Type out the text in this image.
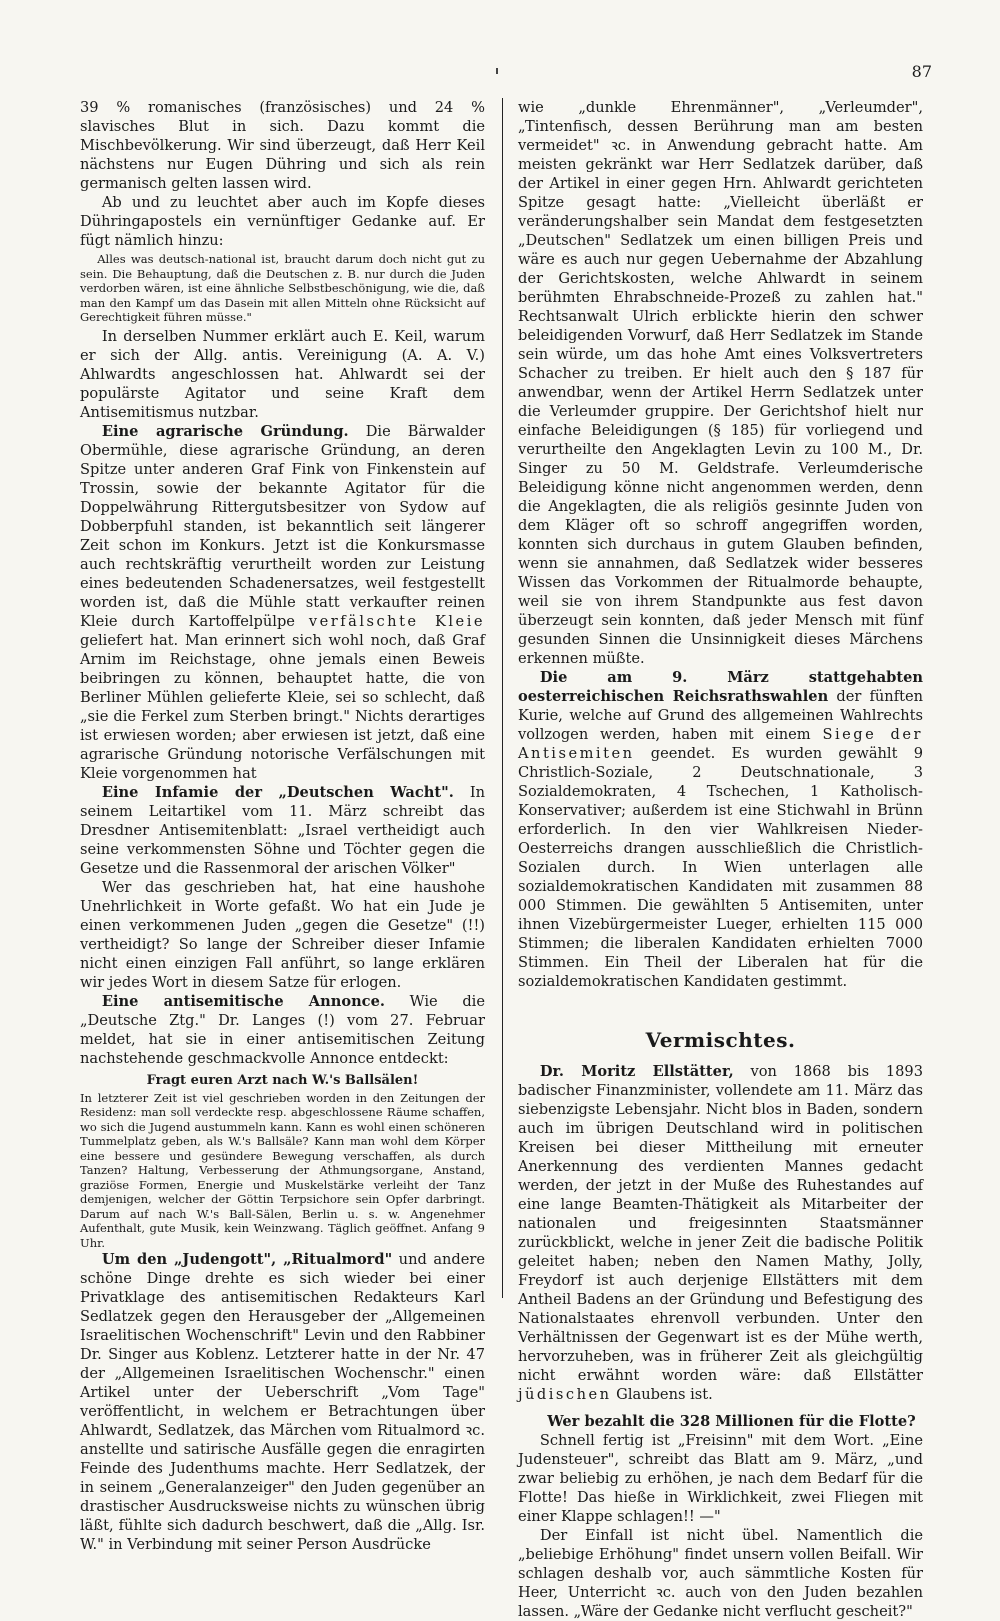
87

39 % romanisches (französisches) und 24 % slavisches Blut in sich. Dazu kommt die Mischbevölkerung. Wir sind überzeugt, daß Herr Keil nächstens nur Eugen Dühring und sich als rein germanisch gelten lassen wird.

Ab und zu leuchtet aber auch im Kopfe dieses Dühringapostels ein vernünftiger Gedanke auf. Er fügt nämlich hinzu:

Alles was deutsch-national ist, braucht darum doch nicht gut zu sein. Die Behauptung, daß die Deutschen z. B. nur durch die Juden verdorben wären, ist eine ähnliche Selbstbeschönigung, wie die, daß man den Kampf um das Dasein mit allen Mitteln ohne Rücksicht auf Gerechtigkeit führen müsse."

In derselben Nummer erklärt auch E. Keil, warum er sich der Allg. antis. Vereinigung (A. A. V.) Ahlwardts angeschlossen hat. Ahlwardt sei der populärste Agitator und seine Kraft dem Antisemitismus nutzbar.

Eine agrarische Gründung. Die Bärwalder Obermühle, diese agrarische Gründung, an deren Spitze unter anderen Graf Fink von Finkenstein auf Trossin, sowie der bekannte Agitator für die Doppelwährung Rittergutsbesitzer von Sydow auf Dobberpfuhl standen, ist bekanntlich seit längerer Zeit schon im Konkurs. Jetzt ist die Konkursmasse auch rechtskräftig verurtheilt worden zur Leistung eines bedeutenden Schadenersatzes, weil festgestellt worden ist, daß die Mühle statt verkaufter reinen Kleie durch Kartoffelpülpe verfälschte Kleie geliefert hat. Man erinnert sich wohl noch, daß Graf Arnim im Reichstage, ohne jemals einen Beweis beibringen zu können, behauptet hatte, die von Berliner Mühlen gelieferte Kleie, sei so schlecht, daß „sie die Ferkel zum Sterben bringt." Nichts derartiges ist erwiesen worden; aber erwiesen ist jetzt, daß eine agrarische Gründung notorische Verfälschungen mit Kleie vorgenommen hat

Eine Infamie der „Deutschen Wacht". In seinem Leitartikel vom 11. März schreibt das Dresdner Antisemitenblatt: „Israel vertheidigt auch seine verkommensten Söhne und Töchter gegen die Gesetze und die Rassenmoral der arischen Völker"

Wer das geschrieben hat, hat eine haushohe Unehrlichkeit in Worte gefaßt. Wo hat ein Jude je einen verkommenen Juden „gegen die Gesetze" (!!) vertheidigt? So lange der Schreiber dieser Infamie nicht einen einzigen Fall anführt, so lange erklären wir jedes Wort in diesem Satze für erlogen.

Eine antisemitische Annonce. Wie die „Deutsche Ztg." Dr. Langes (!) vom 27. Februar meldet, hat sie in einer antisemitischen Zeitung nachstehende geschmackvolle Annonce entdeckt:

Fragt euren Arzt nach W.'s Ballsälen!

In letzterer Zeit ist viel geschrieben worden in den Zeitungen der Residenz: man soll verdeckte resp. abgeschlossene Räume schaffen, wo sich die Jugend austummeln kann. Kann es wohl einen schöneren Tummelplatz geben, als W.'s Ballsäle? Kann man wohl dem Körper eine bessere und gesündere Bewegung verschaffen, als durch Tanzen? Haltung, Verbesserung der Athmungsorgane, Anstand, graziöse Formen, Energie und Muskelstärke verleiht der Tanz demjenigen, welcher der Göttin Terpsichore sein Opfer darbringt. Darum auf nach W.'s Ball-Sälen, Berlin u. s. w. Angenehmer Aufenthalt, gute Musik, kein Weinzwang. Täglich geöffnet. Anfang 9 Uhr.

Um den „Judengott", „Ritualmord" und andere schöne Dinge drehte es sich wieder bei einer Privatklage des antisemitischen Redakteurs Karl Sedlatzek gegen den Herausgeber der „Allgemeinen Israelitischen Wochenschrift" Levin und den Rabbiner Dr. Singer aus Koblenz. Letzterer hatte in der Nr. 47 der „Allgemeinen Israelitischen Wochenschr." einen Artikel unter der Ueberschrift „Vom Tage" veröffentlicht, in welchem er Betrachtungen über Ahlwardt, Sedlatzek, das Märchen vom Ritualmord ꝛc. anstellte und satirische Ausfälle gegen die enragirten Feinde des Judenthums machte. Herr Sedlatzek, der in seinem „Generalanzeiger" den Juden gegenüber an drastischer Ausdrucksweise nichts zu wünschen übrig läßt, fühlte sich dadurch beschwert, daß die „Allg. Isr. W." in Verbindung mit seiner Person Ausdrücke

wie „dunkle Ehrenmänner", „Verleumder", „Tintenfisch, dessen Berührung man am besten vermeidet" ꝛc. in Anwendung gebracht hatte. Am meisten gekränkt war Herr Sedlatzek darüber, daß der Artikel in einer gegen Hrn. Ahlwardt gerichteten Spitze gesagt hatte: „Vielleicht überläßt er veränderungshalber sein Mandat dem festgesetzten „Deutschen" Sedlatzek um einen billigen Preis und wäre es auch nur gegen Uebernahme der Abzahlung der Gerichtskosten, welche Ahlwardt in seinem berühmten Ehrabschneide-Prozeß zu zahlen hat." Rechtsanwalt Ulrich erblickte hierin den schwer beleidigenden Vorwurf, daß Herr Sedlatzek im Stande sein würde, um das hohe Amt eines Volksvertreters Schacher zu treiben. Er hielt auch den § 187 für anwendbar, wenn der Artikel Herrn Sedlatzek unter die Verleumder gruppire. Der Gerichtshof hielt nur einfache Beleidigungen (§ 185) für vorliegend und verurtheilte den Angeklagten Levin zu 100 M., Dr. Singer zu 50 M. Geldstrafe. Verleumderische Beleidigung könne nicht angenommen werden, denn die Angeklagten, die als religiös gesinnte Juden von dem Kläger oft so schroff angegriffen worden, konnten sich durchaus in gutem Glauben befinden, wenn sie annahmen, daß Sedlatzek wider besseres Wissen das Vorkommen der Ritualmorde behaupte, weil sie von ihrem Standpunkte aus fest davon überzeugt sein konnten, daß jeder Mensch mit fünf gesunden Sinnen die Unsinnigkeit dieses Märchens erkennen müßte.

Die am 9. März stattgehabten oesterreichischen Reichsrathswahlen der fünften Kurie, welche auf Grund des allgemeinen Wahlrechts vollzogen werden, haben mit einem Siege der Antisemiten geendet. Es wurden gewählt 9 Christlich-Soziale, 2 Deutschnationale, 3 Sozialdemokraten, 4 Tschechen, 1 Katholisch-Konservativer; außerdem ist eine Stichwahl in Brünn erforderlich. In den vier Wahlkreisen Nieder-Oesterreichs drangen ausschließlich die Christlich-Sozialen durch. In Wien unterlagen alle sozialdemokratischen Kandidaten mit zusammen 88 000 Stimmen. Die gewählten 5 Antisemiten, unter ihnen Vizebürgermeister Lueger, erhielten 115 000 Stimmen; die liberalen Kandidaten erhielten 7000 Stimmen. Ein Theil der Liberalen hat für die sozialdemokratischen Kandidaten gestimmt.

Vermischtes.

Dr. Moritz Ellstätter, von 1868 bis 1893 badischer Finanzminister, vollendete am 11. März das siebenzigste Lebensjahr. Nicht blos in Baden, sondern auch im übrigen Deutschland wird in politischen Kreisen bei dieser Mittheilung mit erneuter Anerkennung des verdienten Mannes gedacht werden, der jetzt in der Muße des Ruhestandes auf eine lange Beamten-Thätigkeit als Mitarbeiter der nationalen und freigesinnten Staatsmänner zurückblickt, welche in jener Zeit die badische Politik geleitet haben; neben den Namen Mathy, Jolly, Freydorf ist auch derjenige Ellstätters mit dem Antheil Badens an der Gründung und Befestigung des Nationalstaates ehrenvoll verbunden. Unter den Verhältnissen der Gegenwart ist es der Mühe werth, hervorzuheben, was in früherer Zeit als gleichgültig nicht erwähnt worden wäre: daß Ellstätter jüdischen Glaubens ist.

Wer bezahlt die 328 Millionen für die Flotte?

Schnell fertig ist „Freisinn" mit dem Wort. „Eine Judensteuer", schreibt das Blatt am 9. März, „und zwar beliebig zu erhöhen, je nach dem Bedarf für die Flotte! Das hieße in Wirklichkeit, zwei Fliegen mit einer Klappe schlagen!! —"

Der Einfall ist nicht übel. Namentlich die „beliebige Erhöhung" findet unsern vollen Beifall. Wir schlagen deshalb vor, auch sämmtliche Kosten für Heer, Unterricht ꝛc. auch von den Juden bezahlen lassen. „Wäre der Gedanke nicht verflucht gescheit?"
